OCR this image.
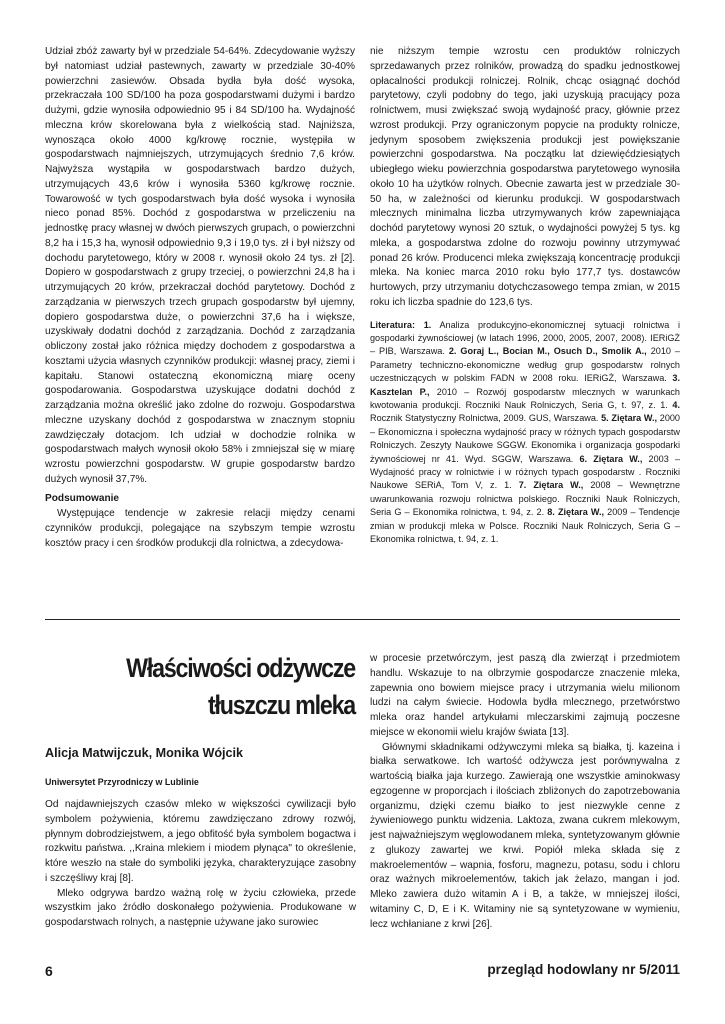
Udział zbóż zawarty był w przedziale 54-64%. Zdecydowanie wyższy był natomiast udział pastewnych, zawarty w przedziale 30-40% powierzchni zasiewów. Obsada bydła była dość wysoka, przekraczała 100 SD/100 ha poza gospodarstwami dużymi i bardzo dużymi, gdzie wynosiła odpowiednio 95 i 84 SD/100 ha. Wydajność mleczna krów skorelowana była z wielkością stad. Najniższa, wynosząca około 4000 kg/krowę rocznie, występiła w gospodarstwach najmniejszych, utrzymujących średnio 7,6 krów. Najwyższa wystąpiła w gospodarstwach bardzo dużych, utrzymujących 43,6 krów i wynosiła 5360 kg/krowę rocznie. Towarowość w tych gospodarstwach była dość wysoka i wynosiła nieco ponad 85%. Dochód z gospodarstwa w przeliczeniu na jednostkę pracy własnej w dwóch pierwszych grupach, o powierzchni 8,2 ha i 15,3 ha, wynosił odpowiednio 9,3 i 19,0 tys. zł i był niższy od dochodu parytetowego, który w 2008 r. wynosił około 24 tys. zł [2]. Dopiero w gospodarstwach z grupy trzeciej, o powierzchni 24,8 ha i utrzymujących 20 krów, przekraczał dochód parytetowy. Dochód z zarządzania w pierwszych trzech grupach gospodarstw był ujemny, dopiero gospodarstwa duże, o powierzchni 37,6 ha i większe, uzyskiwały dodatni dochód z zarządzania. Dochód z zarządzania obliczony został jako różnica między dochodem z gospodarstwa a kosztami użycia własnych czynników produkcji: własnej pracy, ziemi i kapitału. Stanowi ostateczną ekonomiczną miarę oceny gospodarowania. Gospodarstwa uzyskujące dodatni dochód z zarządzania można określić jako zdolne do rozwoju. Gospodarstwa mleczne uzyskany dochód z gospodarstwa w znacznym stopniu zawdzięczały dotacjom. Ich udział w dochodzie rolnika w gospodarstwach małych wynosił około 58% i zmniejszał się w miarę wzrostu powierzchni gospodarstw. W grupie gospodarstw bardzo dużych wynosił 37,7%.

Podsumowanie

Występujące tendencje w zakresie relacji między cenami czynników produkcji, polegające na szybszym tempie wzrostu kosztów pracy i cen środków produkcji dla rolnictwa, a zdecydowa-

nie niższym tempie wzrostu cen produktów rolniczych sprzedawanych przez rolników, prowadzą do spadku jednostkowej opłacalności produkcji rolniczej. Rolnik, chcąc osiągnąć dochód parytetowy, czyli podobny do tego, jaki uzyskują pracujący poza rolnictwem, musi zwiększać swoją wydajność pracy, głównie przez wzrost produkcji. Przy ograniczonym popycie na produkty rolnicze, jedynym sposobem zwiększenia produkcji jest powiększanie powierzchni gospodarstwa. Na początku lat dziewięćdziesiątych ubiegłego wieku powierzchnia gospodarstwa parytetowego wynosiła około 10 ha użytków rolnych. Obecnie zawarta jest w przedziale 30-50 ha, w zależności od kierunku produkcji. W gospodarstwach mlecznych minimalna liczba utrzymywanych krów zapewniająca dochód parytetowy wynosi 20 sztuk, o wydajności powyżej 5 tys. kg mleka, a gospodarstwa zdolne do rozwoju powinny utrzymywać ponad 26 krów. Producenci mleka zwiększają koncentrację produkcji mleka. Na koniec marca 2010 roku było 177,7 tys. dostawców hurtowych, przy utrzymaniu dotychczasowego tempa zmian, w 2015 roku ich liczba spadnie do 123,6 tys.

Literatura: 1. Analiza produkcyjno-ekonomicznej sytuacji rolnictwa i gospodarki żywnościowej (w latach 1996, 2000, 2005, 2007, 2008). IERiGŻ – PIB, Warszawa. 2. Goraj L., Bocian M., Osuch D., Smolik A., 2010 – Parametry techniczno-ekonomiczne według grup gospodarstw rolnych uczestniczących w polskim FADN w 2008 roku. IERiGŻ, Warszawa. 3. Kasztelan P., 2010 – Rozwój gospodarstw mlecznych w warunkach kwotowania produkcji. Roczniki Nauk Rolniczych, Seria G, t. 97, z. 1. 4. Rocznik Statystyczny Rolnictwa, 2009. GUS, Warszawa. 5. Ziętara W., 2000 – Ekonomiczna i społeczna wydajność pracy w różnych typach gospodarstw Rolniczych. Zeszyty Naukowe SGGW. Ekonomika i organizacja gospodarki żywnościowej nr 41. Wyd. SGGW, Warszawa. 6. Ziętara W., 2003 – Wydajność pracy w rolnictwie i w różnych typach gospodarstw . Roczniki Naukowe SERiA, Tom V, z. 1. 7. Ziętara W., 2008 – Wewnętrzne uwarunkowania rozwoju rolnictwa polskiego. Roczniki Nauk Rolniczych, Seria G – Ekonomika rolnictwa, t. 94, z. 2. 8. Ziętara W., 2009 – Tendencje zmian w produkcji mleka w Polsce. Roczniki Nauk Rolniczych, Seria G – Ekonomika rolnictwa, t. 94, z. 1.

Właściwości odżywcze
tłuszczu mleka

Alicja Matwijczuk, Monika Wójcik

Uniwersytet Przyrodniczy w Lublinie

Od najdawniejszych czasów mleko w większości cywilizacji było symbolem pożywienia, któremu zawdzięczano zdrowy rozwój, płynnym dobrodziejstwem, a jego obfitość była symbolem bogactwa i rozkwitu państwa. ,,Kraina mlekiem i miodem płynąca" to określenie, które weszło na stałe do symboliki języka, charakteryzujące zasobny i szczęśliwy kraj [8].

Mleko odgrywa bardzo ważną rolę w życiu człowieka, przede wszystkim jako źródło doskonałego pożywienia. Produkowane w gospodarstwach rolnych, a następnie używane jako surowiec

w procesie przetwórczym, jest paszą dla zwierząt i przedmiotem handlu. Wskazuje to na olbrzymie gospodarcze znaczenie mleka, zapewnia ono bowiem miejsce pracy i utrzymania wielu milionom ludzi na całym świecie. Hodowla bydła mlecznego, przetwórstwo mleka oraz handel artykułami mleczarskimi zajmują poczesne miejsce w ekonomii wielu krajów świata [13].

Głównymi składnikami odżywczymi mleka są białka, tj. kazeina i białka serwatkowe. Ich wartość odżywcza jest porównywalna z wartością białka jaja kurzego. Zawierają one wszystkie aminokwasy egzogenne w proporcjach i ilościach zbliżonych do zapotrzebowania organizmu, dzięki czemu białko to jest niezwykle cenne z żywieniowego punktu widzenia. Laktoza, zwana cukrem mlekowym, jest najważniejszym węglowodanem mleka, syntetyzowanym głównie z glukozy zawartej we krwi. Popiół mleka składa się z makroelementów – wapnia, fosforu, magnezu, potasu, sodu i chloru oraz ważnych mikroelementów, takich jak żelazo, mangan i jod. Mleko zawiera dużo witamin A i B, a także, w mniejszej ilości, witaminy C, D, E i K. Witaminy nie są syntetyzowane w wymieniu, lecz wchłaniane z krwi [26].

6	przegląd hodowlany nr 5/2011
